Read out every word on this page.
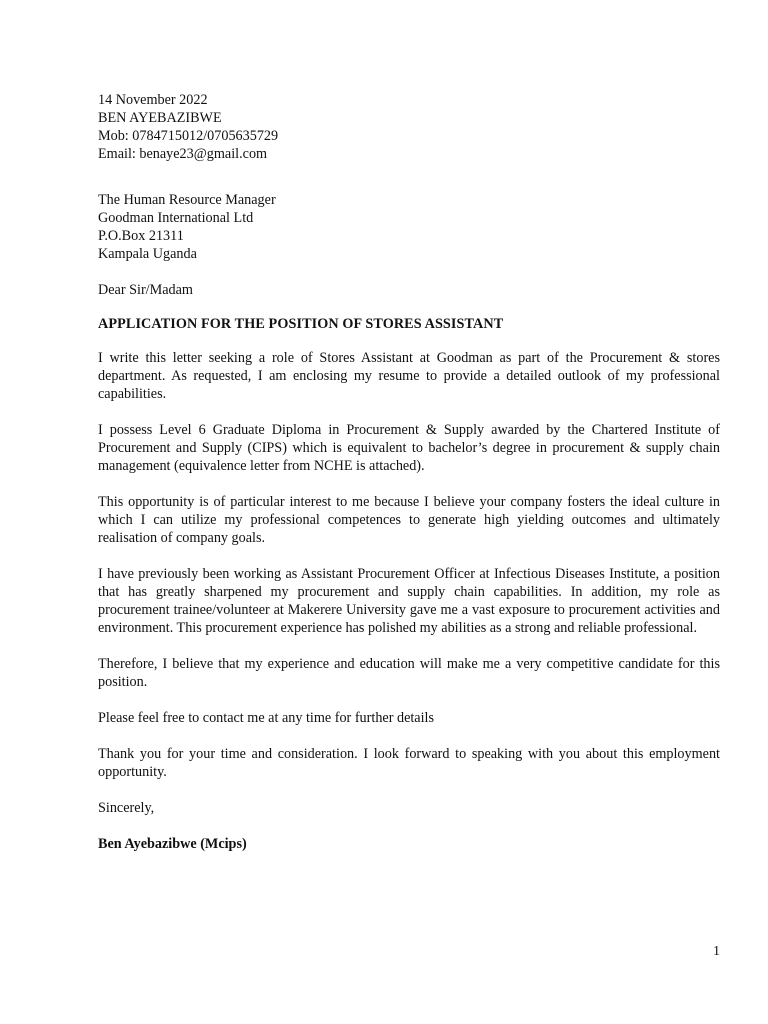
14 November 2022
BEN AYEBAZIBWE
Mob: 0784715012/0705635729
Email: benaye23@gmail.com
The Human Resource Manager
Goodman International Ltd
P.O.Box 21311
Kampala Uganda
Dear Sir/Madam
APPLICATION FOR THE POSITION OF STORES ASSISTANT
I write this letter seeking a role of Stores Assistant at Goodman as part of the Procurement & stores department. As requested, I am enclosing my resume to provide a detailed outlook of my professional capabilities.
I possess Level 6 Graduate Diploma in Procurement & Supply awarded by the Chartered Institute of Procurement and Supply (CIPS) which is equivalent to bachelor’s degree in procurement & supply chain management (equivalence letter from NCHE is attached).
This opportunity is of particular interest to me because I believe your company fosters the ideal culture in which I can utilize my professional competences to generate high yielding outcomes and ultimately realisation of company goals.
I have previously been working as Assistant Procurement Officer at Infectious Diseases Institute, a position that has greatly sharpened my procurement and supply chain capabilities. In addition, my role as procurement trainee/volunteer at Makerere University gave me a vast exposure to procurement activities and environment. This procurement experience has polished my abilities as a strong and reliable professional.
Therefore, I believe that my experience and education will make me a very competitive candidate for this position.
Please feel free to contact me at any time for further details
Thank you for your time and consideration. I look forward to speaking with you about this employment opportunity.
Sincerely,
Ben Ayebazibwe (Mcips)
1
